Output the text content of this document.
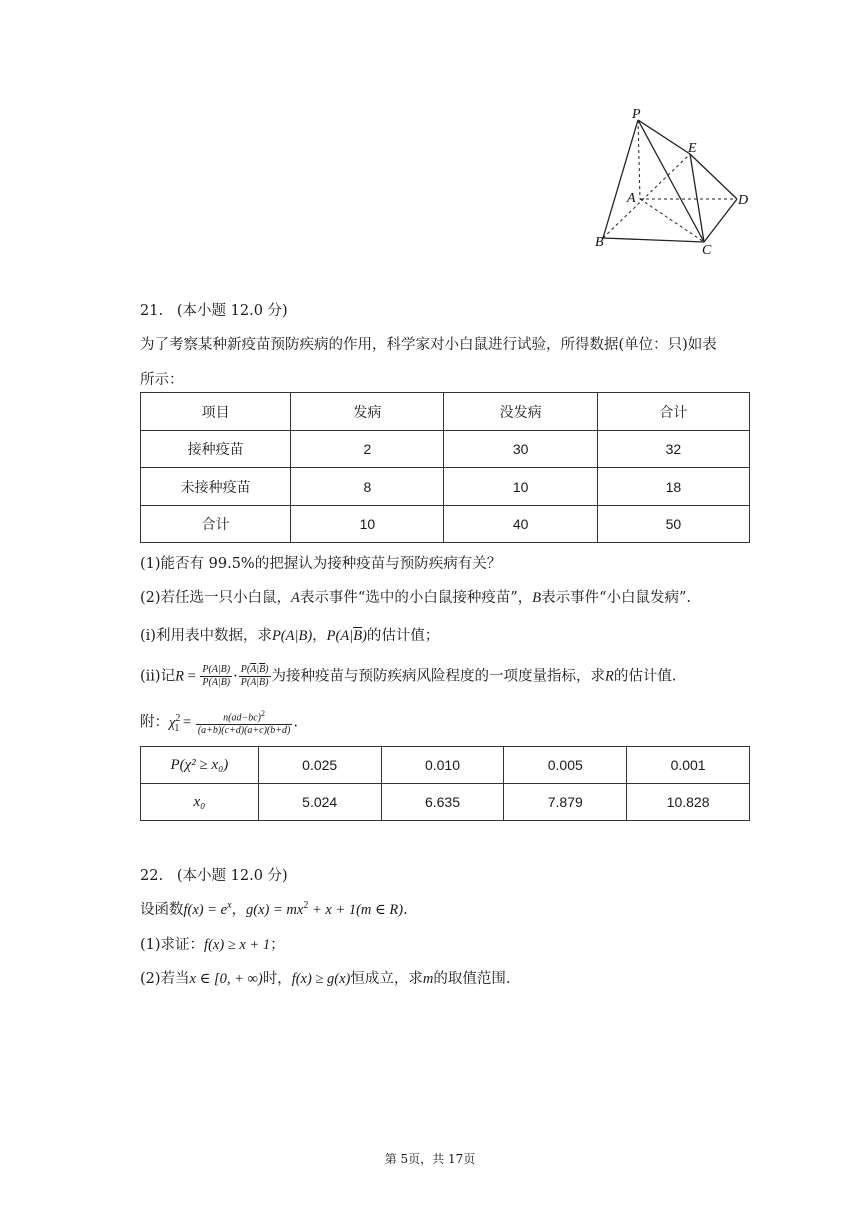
P
E
A	D
B
C
21. (本小题 12.0 分)
为了考察某种新疫苗预防疾病的作用，科学家对小白鼠进行试验，所得数据(单位：只)如表
所示：
项目	发病	没发病	合计
接种疫苗	2	30	32
未接种疫苗	8	10	18
合计	10	40	50
(1)能否有 99.5%的把握认为接种疫苗与预防疾病有关？
(2)若任选一只小白鼠，A表示事件“选中的小白鼠接种疫苗”，B表示事件“小白鼠发病”.
(ⅰ)利用表中数据，求P(A|B)，$P(A|\overline{B})$的估计值；
(ⅱ)记$R = \frac{P(A|B)}{P(\overline{A}|B)} \cdot \frac{P(\overline{A}|\overline{B})}{P(A|\overline{B})}$ 为接种疫苗与预防疾病风险程度的一项度量指标，求R的估计值.
附：$\chi^2_1 = \frac{n(ad-bc)^2}{(a+b)(c+d)(a+c)(b+d)}$ .
P(χ² ≥ x₀)	0.025	0.010	0.005	0.001
x₀	5.024	6.635	7.879	10.828
22. (本小题 12.0 分)
设函数$f(x) = e^x$，$g(x) = mx^2 + x + 1(m$ ∈ R).
(1)求证：f(x) ≥ x + 1；
(2)若当x ∈ [0, + ∞)时，f(x) ≥ g(x)恒成立，求m的取值范围.
第 5页，共 17页
